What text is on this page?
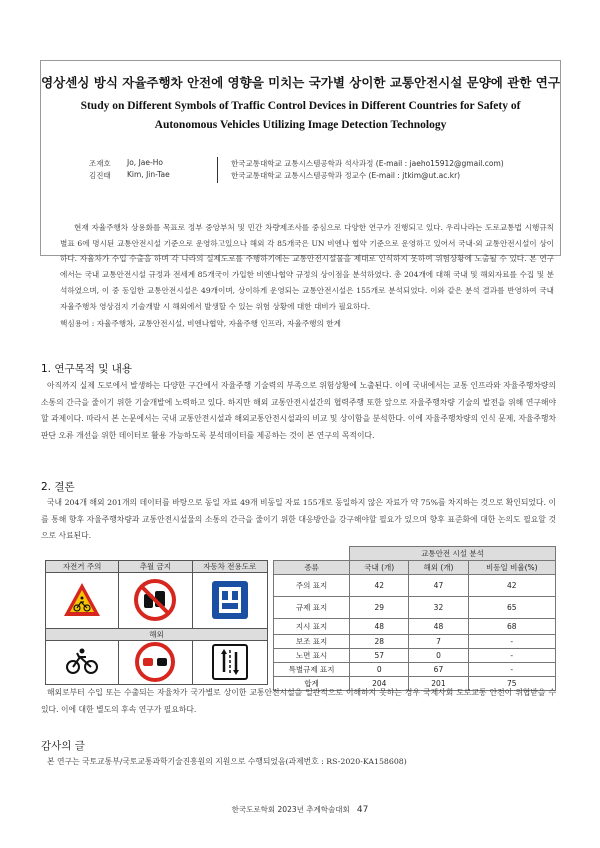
영상센싱 방식 자율주행차 안전에 영향을 미치는 국가별 상이한 교통안전시설 문양에 관한 연구
Study on Different Symbols of Traffic Control Devices in Different Countries for Safety of
Autonomous Vehicles Utilizing Image Detection Technology
조재호	Jo, Jae-Ho	한국교통대학교 교통시스템공학과 석사과정 (E-mail : jaeho15912@gmail.com)
김진태	Kim, Jin-Tae	한국교통대학교 교통시스템공학과 정교수 (E-mail : jtkim@ut.ac.kr)

현재 자율주행차 상용화를 목표로 정부 중앙부처 및 민간 차량제조사를 중심으로 다양한 연구가 진행되고 있다. 우리나라는 도로교통법 시행규칙 별표 6에 명시된 교통안전시설 기준으로 운영하고있으나 해외 각 85개국은 UN 비엔나 협약 기준으로 운영하고 있어서 국내·외 교통안전시설이 상이하다. 자율차가 수입 수출을 하며 각 나라의 실제도로를 주행하기에는 교통안전시설물을 제대로 인식하지 못하여 위험상황에 노출될 수 있다. 본 연구에서는 국내 교통안전시설 규정과 전세계 85개국이 가입한 비엔나협약 규정의 상이점을 분석하였다. 총 204개에 대해 국내 및 해외자료를 수집 및 분석하였으며, 이 중 동일한 교통안전시설은 49개이며, 상이하게 운영되는 교통안전시설은 155개로 분석되었다. 이와 같은 분석 결과를 반영하여 국내 자율주행차 영상검지 기술개발 시 해외에서 발생할 수 있는 위험 상황에 대한 대비가 필요하다.

핵심용어 : 자율주행차, 교통안전시설, 비엔나협약, 자율주행 인프라, 자율주행의 한계
1. 연구목적 및 내용

아직까지 실제 도로에서 발생하는 다양한 구간에서 자율주행 기술력의 부족으로 위험상황에 노출된다. 이에 국내에서는 교통 인프라와 자율주행차량의 소통의 간극을 줄이기 위한 기술개발에 노력하고 있다. 하지만 해외 교통안전시설간의 협력주행 또한 앞으로 자율주행차량 기술의 발전을 위해 연구해야할 과제이다. 따라서 본 논문에서는 국내 교통안전시설과 해외교통안전시설과의 비교 및 상이함을 분석한다. 이에 자율주행차량의 인식 문제, 자율주행차 판단 오류 개선을 위한 데이터로 활용 가능하도록 분석데이터를 제공하는 것이 본 연구의 목적이다.

2. 결론

국내 204개 해외 201개의 데이터를 바탕으로 동일 자료 49개 비동일 자료 155개로 동일하지 않은 자료가 약 75%를 차지하는 것으로 확인되었다. 이를 통해 향후 자율주행차량과 교통안전시설물의 소통의 간극을 줄이기 위한 대응방안을 강구해야할 필요가 있으며 향후 표준화에 대한 논의도 필요할 것으로 사료된다.

자전거 주의	추월 금지	자동차 전용도로

해외		

	교통안전 시설 분석		
종류	국내 (개)	해외 (개)	비동일 비율(%)
주의 표지	42	47	42
규제 표지	29	32	65
지시 표지	48	48	68
보조 표지	28	7	-
노면 표시	57	0	-
특별규제 표지	0	67	-
합계	204	201	75

해외로부터 수입 또는 수출되는 자율차가 국가별로 상이한 교통안전시설을 일관적으로 이해하지 못하는 경우 국제사회 도로교통 안전이 위협받을 수 있다. 이에 대한 별도의 후속 연구가 필요하다.

감사의 글

본 연구는 국토교통부/국토교통과학기술진흥원의 지원으로 수행되었음(과제번호 : RS-2020-KA158608)

한국도로학회 2023년 추계학술대회 47
